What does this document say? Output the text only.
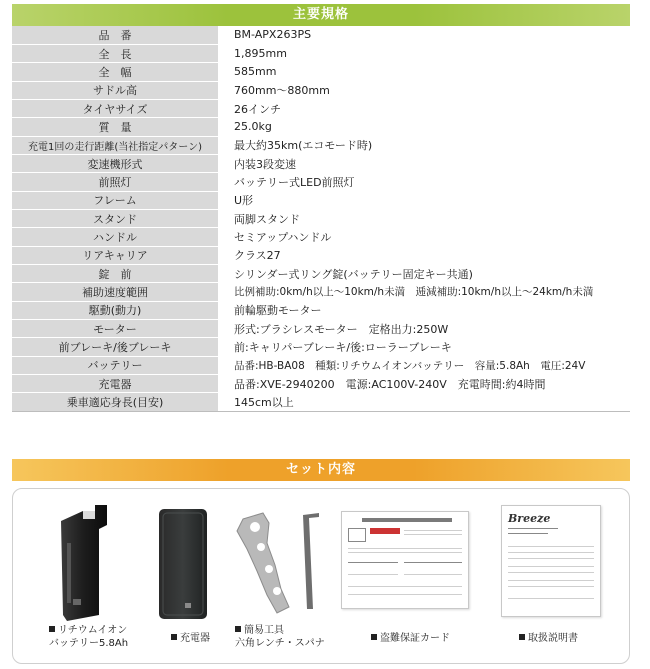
主要規格
品　番	BM-APX263PS
全　長	1,895mm
全　幅	585mm
サドル高	760mm〜880mm
タイヤサイズ	26インチ
質　量	25.0kg
充電1回の走行距離(当社指定パターン)	最大約35km(エコモード時)
変速機形式	内装3段変速
前照灯	バッテリー式LED前照灯
フレーム	U形
スタンド	両脚スタンド
ハンドル	セミアップハンドル
リアキャリア	クラス27
錠　前	シリンダー式リング錠(バッテリー固定キー共通)
補助速度範囲	比例補助:0km/h以上〜10km/h未満　逓減補助:10km/h以上〜24km/h未満
駆動(動力)	前輪駆動モーター
モーター	形式:ブラシレスモーター　定格出力:250W
前ブレーキ/後ブレーキ	前:キャリパーブレーキ/後:ローラーブレーキ
バッテリー	品番:HB-BA08　種類:リチウムイオンバッテリー　容量:5.8Ah　電圧:24V
充電器	品番:XVE-2940200　電源:AC100V-240V　充電時間:約4時間
乗車適応身長(目安)	145cm以上
セット内容
リチウムイオン
バッテリー5.8Ah	充電器
簡易工具
六角レンチ・スパナ	盗難保証カード
Breeze
取扱説明書
